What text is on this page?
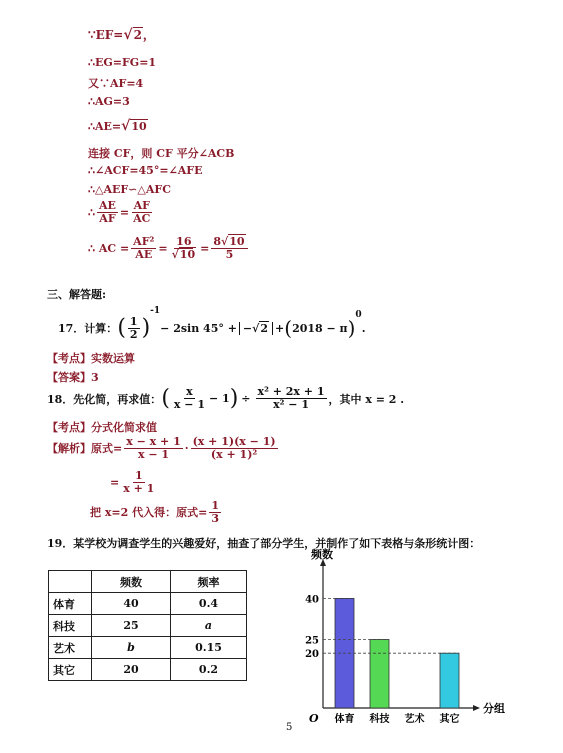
∵EF=√2，
∴EG=FG=1
又∵AF=4
∴AG=3
∴AE=√10
连接 CF，则 CF 平分∠ACB
∴∠ACF=45°=∠AFE
∴△AEF∽△AFC
∴ $\frac{AE}{AF} = \frac{AF}{AC}$
∴ AC = $\frac{\text{AF²}}{AE} = \frac{16}{√10} = \frac{8√10}{5}$
三、解答题:
17．计算：( $\frac{1}{2} )^{-1}- 2\sin$ $45^\circ + -√2 +(2018 - \pi)^0$.
【考点】实数运算
【答案】3
18．先化简，再求值：( $\frac{x}{x - 1} - 1) \div \frac{\text{x² + 2x + 1}}{\text{x² − 1}}$ ，其中 x = 2 .
【考点】分式化简求值
【解析】原式= $\frac{x - x + 1}{x - 1} \cdot \frac{(x + 1)(x - 1)}{\text{(x + 1)²}}$
= $\frac{1}{x + 1}$
把 x=2 代入得：原式= $\frac{1}{3}$
19．某学校为调查学生的兴趣爱好，抽查了部分学生，并制作了如下表格与条形统计图：
	频数	频率
体育	40	0.4
科技	25	a
艺术	b	0.15
其它	20	0.2
频数
分组
O 体育 科技 艺术 其它
20
25
40
5
